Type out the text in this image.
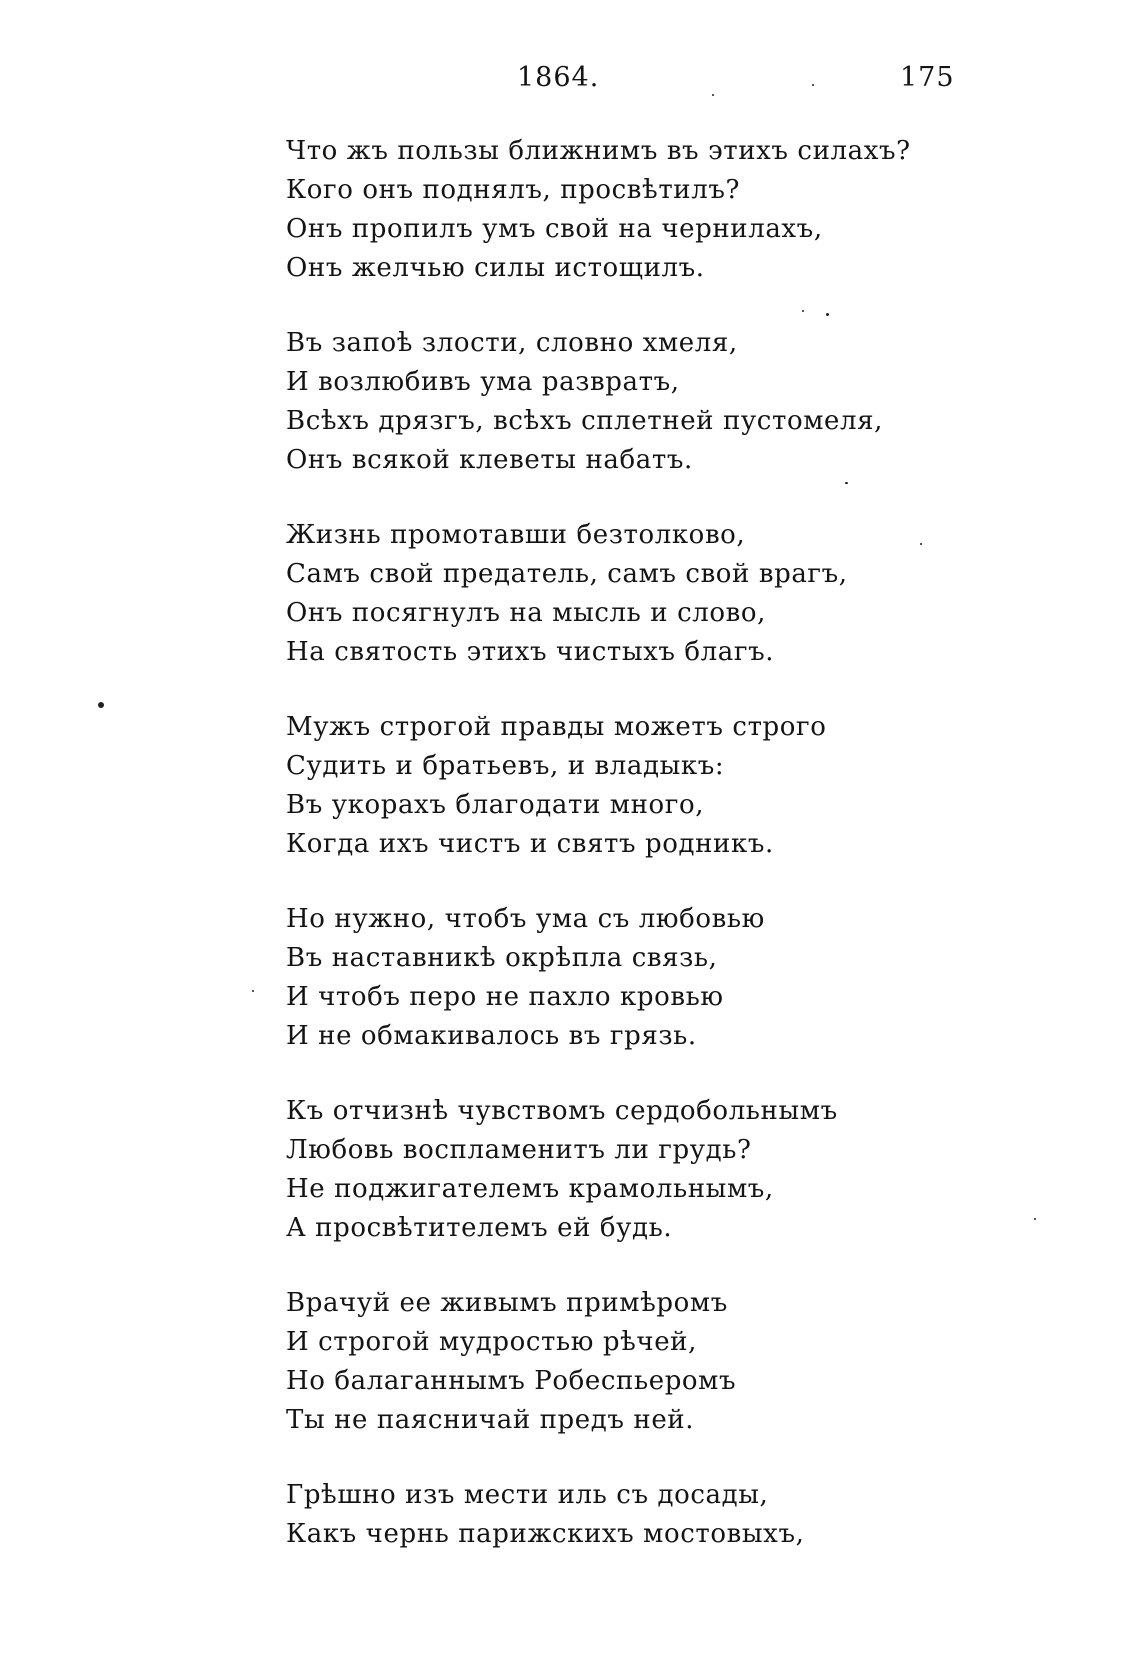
1864.	175
Что жъ пользы ближнимъ въ этихъ силахъ?
Кого онъ поднялъ, просвѣтилъ?
Онъ пропилъ умъ свой на чернилахъ,
Онъ желчью силы истощилъ.
Въ запоѣ злости, словно хмеля,
И возлюбивъ ума развратъ,
Всѣхъ дрязгъ, всѣхъ сплетней пустомеля,
Онъ всякой клеветы набатъ.
Жизнь промотавши безтолково,
Самъ свой предатель, самъ свой врагъ,
Онъ посягнулъ на мысль и слово,
На святость этихъ чистыхъ благъ.
Мужъ строгой правды можетъ строго
Судить и братьевъ, и владыкъ:
Въ укорахъ благодати много,
Когда ихъ чистъ и святъ родникъ.
Но нужно, чтобъ ума съ любовью
Въ наставникѣ окрѣпла связь,
И чтобъ перо не пахло кровью
И не обмакивалось въ грязь.
Къ отчизнѣ чувствомъ сердобольнымъ
Любовь воспламенитъ ли грудь?
Не поджигателемъ крамольнымъ,
А просвѣтителемъ ей будь.
Врачуй ее живымъ примѣромъ
И строгой мудростью рѣчей,
Но балаганнымъ Робеспьеромъ
Ты не паясничай предъ ней.
Грѣшно изъ мести иль съ досады,
Какъ чернь парижскихъ мостовыхъ,
